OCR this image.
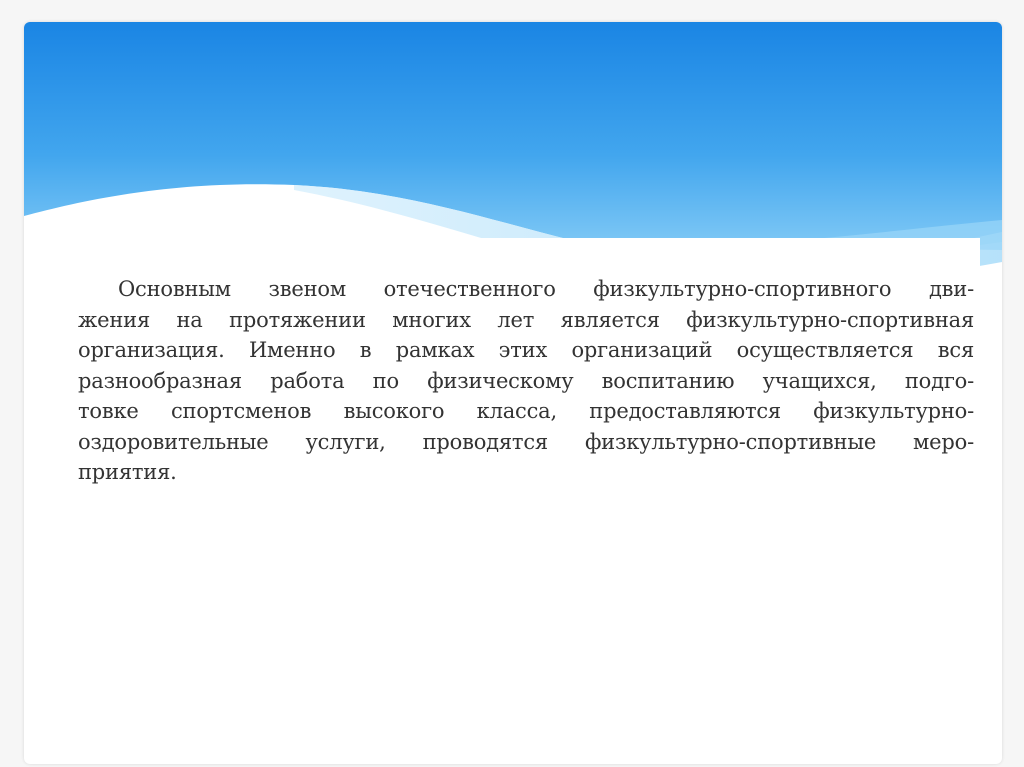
Основным звеном отечественного физкультурно-спортивного дви-
жения на протяжении многих лет является физкультурно-спортивная
организация. Именно в рамках этих организаций осуществляется вся
разнообразная работа по физическому воспитанию учащихся, подго-
товке спортсменов высокого класса, предоставляются физкультурно-
оздоровительные услуги, проводятся физкультурно-спортивные меро-
приятия.
